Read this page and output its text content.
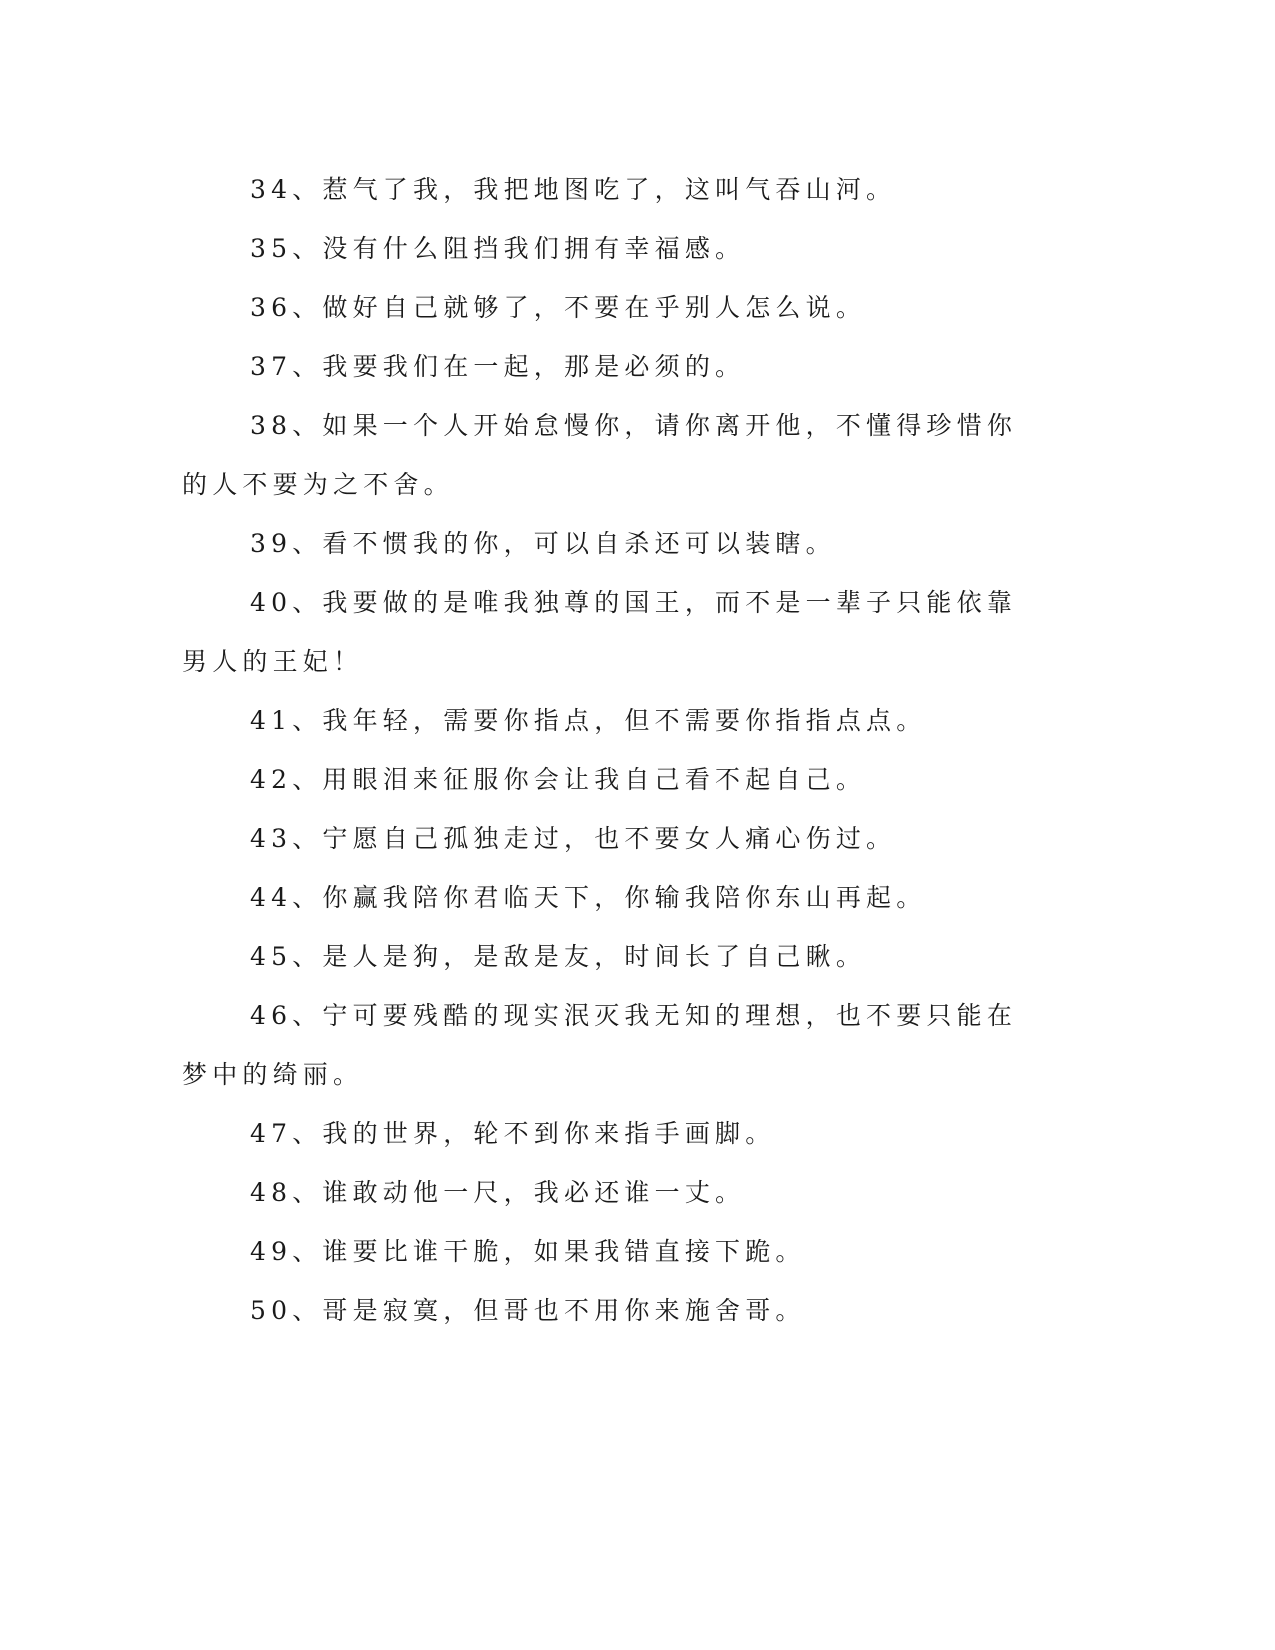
34、惹气了我，我把地图吃了，这叫气吞山河。

35、没有什么阻挡我们拥有幸福感。

36、做好自己就够了，不要在乎别人怎么说。

37、我要我们在一起，那是必须的。

38、如果一个人开始怠慢你，请你离开他，不懂得珍惜你的人不要为之不舍。

39、看不惯我的你，可以自杀还可以装瞎。

40、我要做的是唯我独尊的国王，而不是一辈子只能依靠男人的王妃！

41、我年轻，需要你指点，但不需要你指指点点。

42、用眼泪来征服你会让我自己看不起自己。

43、宁愿自己孤独走过，也不要女人痛心伤过。

44、你赢我陪你君临天下，你输我陪你东山再起。

45、是人是狗，是敌是友，时间长了自己瞅。

46、宁可要残酷的现实泯灭我无知的理想，也不要只能在梦中的绮丽。

47、我的世界，轮不到你来指手画脚。

48、谁敢动他一尺，我必还谁一丈。

49、谁要比谁干脆，如果我错直接下跪。

50、哥是寂寞，但哥也不用你来施舍哥。
